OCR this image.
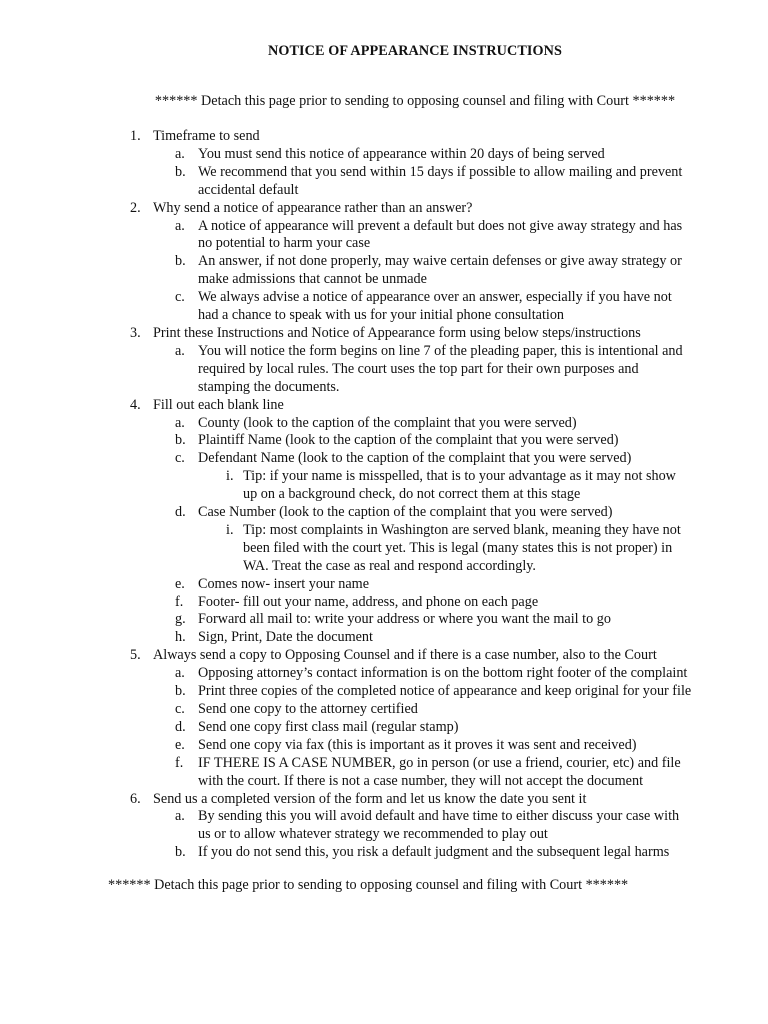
NOTICE OF APPEARANCE INSTRUCTIONS
****** Detach this page prior to sending to opposing counsel and filing with Court ******
1. Timeframe to send
a. You must send this notice of appearance within 20 days of being served
b. We recommend that you send within 15 days if possible to allow mailing and prevent
accidental default
2. Why send a notice of appearance rather than an answer?
a. A notice of appearance will prevent a default but does not give away strategy and has
no potential to harm your case
b. An answer, if not done properly, may waive certain defenses or give away strategy or
make admissions that cannot be unmade
c. We always advise a notice of appearance over an answer, especially if you have not
had a chance to speak with us for your initial phone consultation
3. Print these Instructions and Notice of Appearance form using below steps/instructions
a. You will notice the form begins on line 7 of the pleading paper, this is intentional and
required by local rules. The court uses the top part for their own purposes and
stamping the documents.
4. Fill out each blank line
a. County (look to the caption of the complaint that you were served)
b. Plaintiff Name (look to the caption of the complaint that you were served)
c. Defendant Name (look to the caption of the complaint that you were served)
i. Tip: if your name is misspelled, that is to your advantage as it may not show
up on a background check, do not correct them at this stage
d. Case Number (look to the caption of the complaint that you were served)
i. Tip: most complaints in Washington are served blank, meaning they have not
been filed with the court yet. This is legal (many states this is not proper) in
WA. Treat the case as real and respond accordingly.
e. Comes now- insert your name
f. Footer- fill out your name, address, and phone on each page
g. Forward all mail to: write your address or where you want the mail to go
h. Sign, Print, Date the document
5. Always send a copy to Opposing Counsel and if there is a case number, also to the Court
a. Opposing attorney’s contact information is on the bottom right footer of the complaint
b. Print three copies of the completed notice of appearance and keep original for your file
c. Send one copy to the attorney certified
d. Send one copy first class mail (regular stamp)
e. Send one copy via fax (this is important as it proves it was sent and received)
f. IF THERE IS A CASE NUMBER, go in person (or use a friend, courier, etc) and file
with the court. If there is not a case number, they will not accept the document
6. Send us a completed version of the form and let us know the date you sent it
a. By sending this you will avoid default and have time to either discuss your case with
us or to allow whatever strategy we recommended to play out
b. If you do not send this, you risk a default judgment and the subsequent legal harms
****** Detach this page prior to sending to opposing counsel and filing with Court ******
